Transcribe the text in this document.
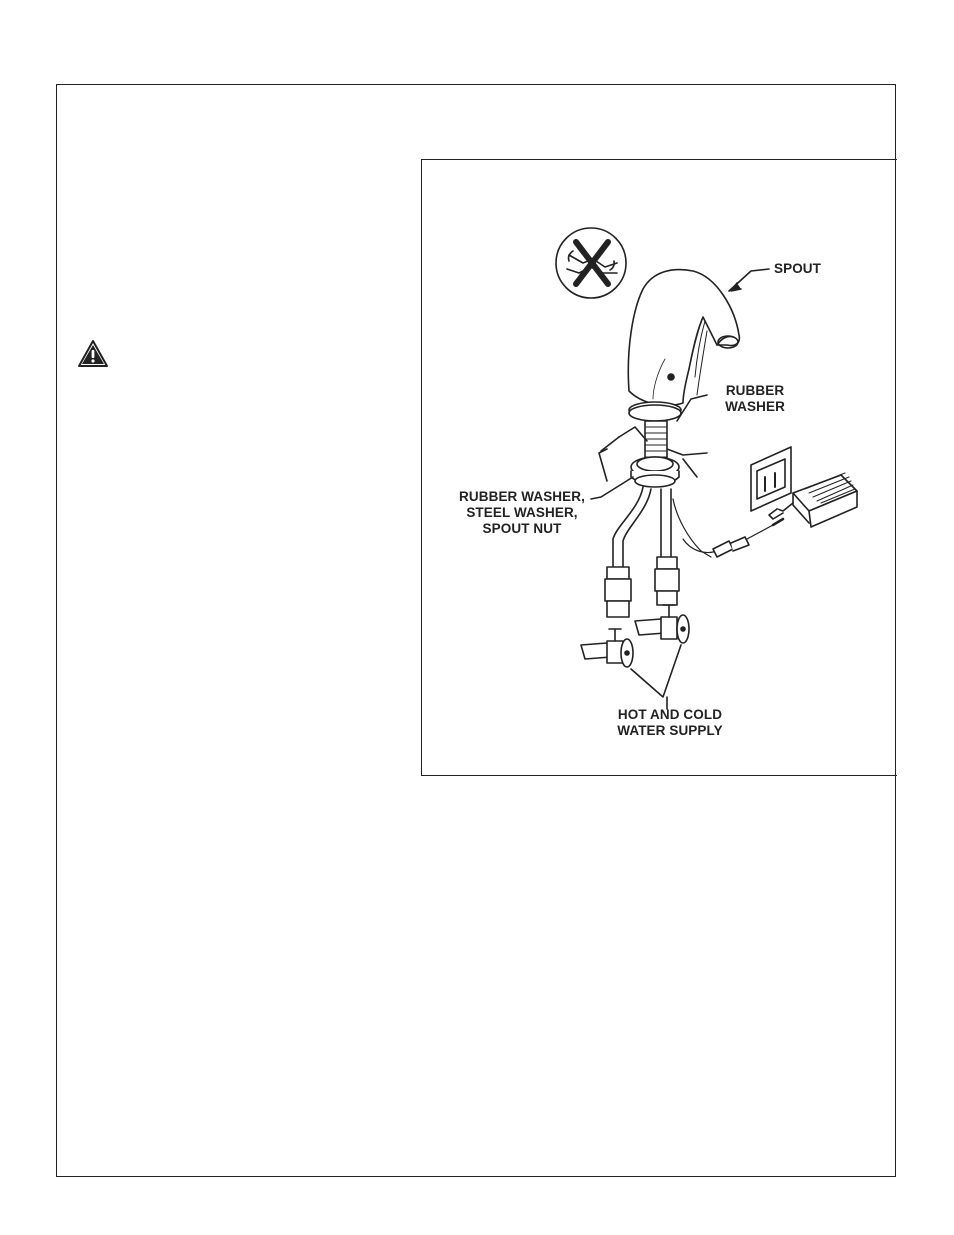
SPOUT
RUBBER
WASHER
RUBBER WASHER,
STEEL WASHER,
SPOUT NUT
HOT AND COLD
WATER SUPPLY
